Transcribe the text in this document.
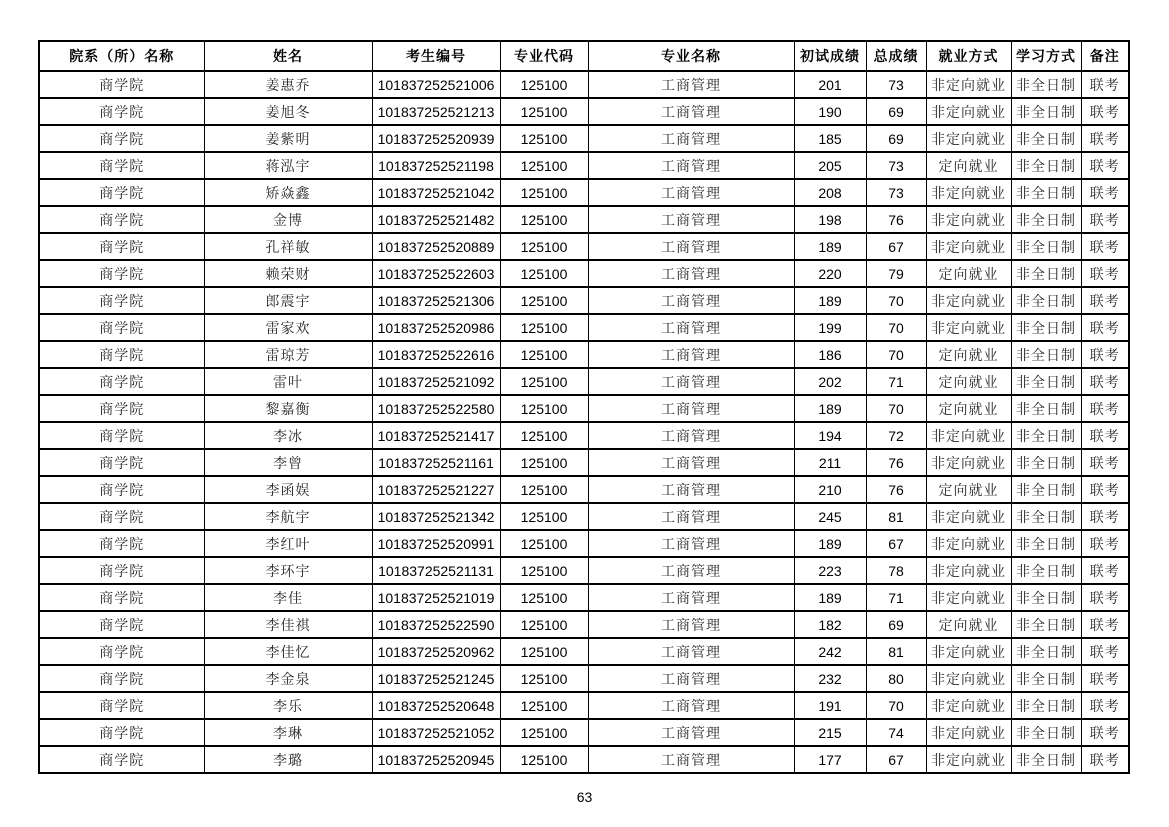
院系（所）名称	姓名	考生编号	专业代码	专业名称	初试成绩	总成绩	就业方式	学习方式	备注
商学院	姜惠乔	101837252521006	125100	工商管理	201	73	非定向就业	非全日制	联考
商学院	姜旭冬	101837252521213	125100	工商管理	190	69	非定向就业	非全日制	联考
商学院	姜紫明	101837252520939	125100	工商管理	185	69	非定向就业	非全日制	联考
商学院	蒋泓宇	101837252521198	125100	工商管理	205	73	定向就业	非全日制	联考
商学院	矫焱鑫	101837252521042	125100	工商管理	208	73	非定向就业	非全日制	联考
商学院	金博	101837252521482	125100	工商管理	198	76	非定向就业	非全日制	联考
商学院	孔祥敏	101837252520889	125100	工商管理	189	67	非定向就业	非全日制	联考
商学院	赖荣财	101837252522603	125100	工商管理	220	79	定向就业	非全日制	联考
商学院	郎震宇	101837252521306	125100	工商管理	189	70	非定向就业	非全日制	联考
商学院	雷家欢	101837252520986	125100	工商管理	199	70	非定向就业	非全日制	联考
商学院	雷琼芳	101837252522616	125100	工商管理	186	70	定向就业	非全日制	联考
商学院	雷叶	101837252521092	125100	工商管理	202	71	定向就业	非全日制	联考
商学院	黎嘉衡	101837252522580	125100	工商管理	189	70	定向就业	非全日制	联考
商学院	李冰	101837252521417	125100	工商管理	194	72	非定向就业	非全日制	联考
商学院	李曾	101837252521161	125100	工商管理	211	76	非定向就业	非全日制	联考
商学院	李函娱	101837252521227	125100	工商管理	210	76	定向就业	非全日制	联考
商学院	李航宇	101837252521342	125100	工商管理	245	81	非定向就业	非全日制	联考
商学院	李红叶	101837252520991	125100	工商管理	189	67	非定向就业	非全日制	联考
商学院	李环宇	101837252521131	125100	工商管理	223	78	非定向就业	非全日制	联考
商学院	李佳	101837252521019	125100	工商管理	189	71	非定向就业	非全日制	联考
商学院	李佳祺	101837252522590	125100	工商管理	182	69	定向就业	非全日制	联考
商学院	李佳忆	101837252520962	125100	工商管理	242	81	非定向就业	非全日制	联考
商学院	李金泉	101837252521245	125100	工商管理	232	80	非定向就业	非全日制	联考
商学院	李乐	101837252520648	125100	工商管理	191	70	非定向就业	非全日制	联考
商学院	李琳	101837252521052	125100	工商管理	215	74	非定向就业	非全日制	联考
商学院	李璐	101837252520945	125100	工商管理	177	67	非定向就业	非全日制	联考
63
